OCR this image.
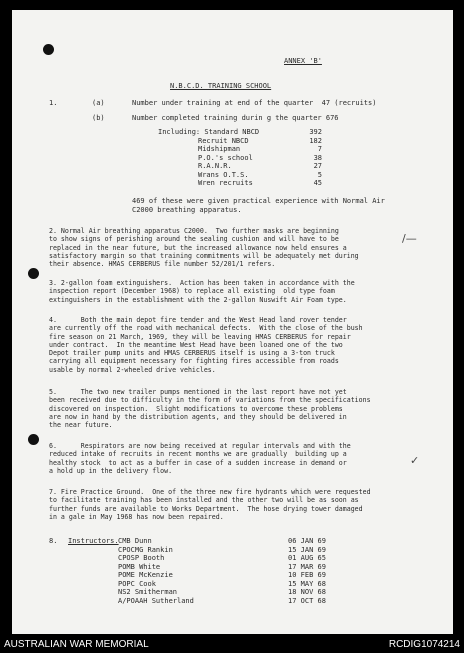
ANNEX 'B'
N.B.C.D. TRAINING SCHOOL
1.	(a)	Number under training at end of the quarter  47 (recruits)
(b)	Number completed training durin g the quarter 676
Including: Standard NBCD	392
Recruit NBCD	182
Midshipman	7
P.O.'s school	38
R.A.N.R.	27
Wrans O.T.S.	5
Wren recruits	45
469 of these were given practical experience with Normal Air
C2000 breathing apparatus.
2. Normal Air breathing apparatus C2000.  Two further masks are beginning
to show signs of perishing around the sealing cushion and will have to be
replaced in the near future, but the increased allowance now held ensures a
satisfactory margin so that training commitments will be adequately met during
their absence. HMAS CERBERUS file number 52/201/1 refers.
/—
3. 2-gallon foam extinguishers.  Action has been taken in accordance with the
inspection report (December 1968) to replace all existing  old type foam
extinguishers in the establishment with the 2-gallon Nuswift Air Foam type.
4.      Both the main depot fire tender and the West Head land rover tender
are currently off the road with mechanical defects.  With the close of the bush
fire season on 21 March, 1969, they will be leaving HMAS CERBERUS for repair
under contract.  In the meantime West Head have been loaned one of the two
Depot trailer pump units and HMAS CERBERUS itself is using a 3-ton truck
carrying all equipment necessary for fighting fires accessible from roads
usable by normal 2-wheeled drive vehicles.
5.      The two new trailer pumps mentioned in the last report have not yet
been received due to difficulty in the form of variations from the specifications
discovered on inspection.  Slight modifications to overcome these problems
are now in hand by the distribution agents, and they should be delivered in
the near future.
6.      Respirators are now being received at regular intervals and with the
reduced intake of recruits in recent months we are gradually  building up a
healthy stock  to act as a buffer in case of a sudden increase in demand or
a hold up in the delivery flow.
✓
7. Fire Practice Ground.  One of the three new fire hydrants which were requested
to facilitate training has been installed and the other two will be as soon as
further funds are available to Works Department.  The hose drying tower damaged
in a gale in May 1968 has now been repaired.
8. Instructors. CMB Dunn	06 JAN 69
CPOCMG Rankin	15 JAN 69
CPOSP Booth	01 AUG 65
POMB White	17 MAR 69
POME McKenzie	10 FEB 69
POPC Cook	15 MAY 68
NS2 Smitherman	18 NOV 68
A/POAAH Sutherland	17 OCT 68
AUSTRALIAN WAR MEMORIAL	RCDIG1074214
